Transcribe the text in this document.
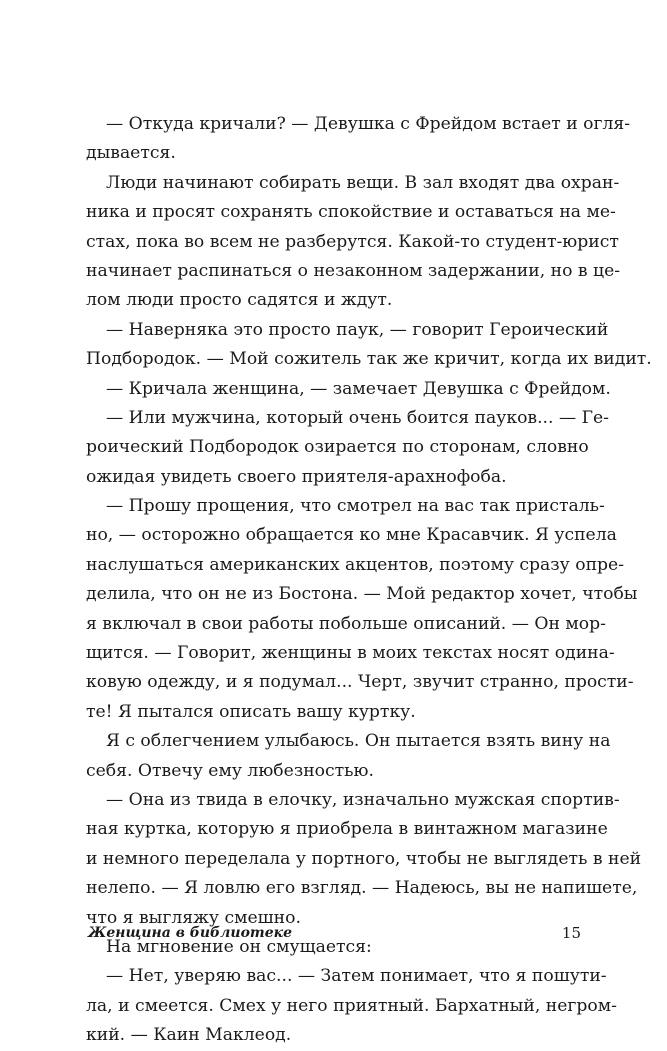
— Откуда кричали? — Девушка с Фрейдом встает и огля-
дывается.
Люди начинают собирать вещи. В зал входят два охран-
ника и просят сохранять спокойствие и оставаться на ме-
стах, пока во всем не разберутся. Какой-то студент-юрист
начинает распинаться о незаконном задержании, но в це-
лом люди просто садятся и ждут.
— Наверняка это просто паук, — говорит Героический
Подбородок. — Мой сожитель так же кричит, когда их видит.
— Кричала женщина, — замечает Девушка с Фрейдом.
— Или мужчина, который очень боится пауков... — Ге-
роический Подбородок озирается по сторонам, словно
ожидая увидеть своего приятеля-арахнофоба.
— Прошу прощения, что смотрел на вас так присталь-
но, — осторожно обращается ко мне Красавчик. Я успела
наслушаться американских акцентов, поэтому сразу опре-
делила, что он не из Бостона. — Мой редактор хочет, чтобы
я включал в свои работы побольше описаний. — Он мор-
щится. — Говорит, женщины в моих текстах носят одина-
ковую одежду, и я подумал... Черт, звучит странно, прости-
те! Я пытался описать вашу куртку.
Я с облегчением улыбаюсь. Он пытается взять вину на
себя. Отвечу ему любезностью.
— Она из твида в елочку, изначально мужская спортив-
ная куртка, которую я приобрела в винтажном магазине
и немного переделала у портного, чтобы не выглядеть в ней
нелепо. — Я ловлю его взгляд. — Надеюсь, вы не напишете,
что я выгляжу смешно.
На мгновение он смущается:
— Нет, уверяю вас... — Затем понимает, что я пошути-
ла, и смеется. Смех у него приятный. Бархатный, негром-
кий. — Каин Маклеод.
Женщина в библиотеке	15
